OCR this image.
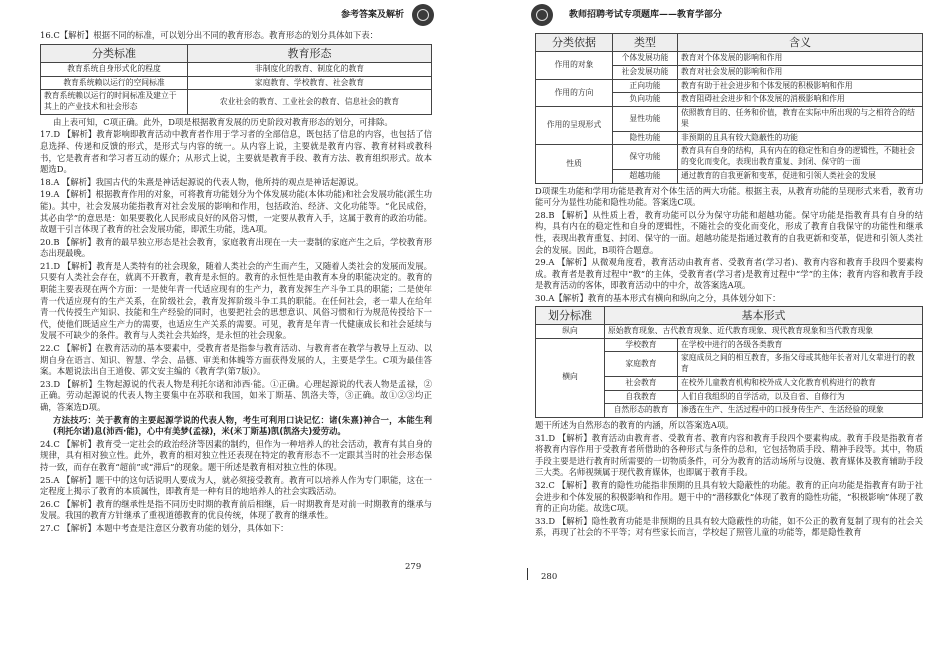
参考答案及解析

16.C【解析】根据不同的标准，可以划分出不同的教育形态。教育形态的划分具体如下表：

分类标准	教育形态
教育系统自身形式化的程度	非制度化的教育、制度化的教育
教育系统赖以运行的空间标准	家庭教育、学校教育、社会教育
教育系统赖以运行的时间标准及建立于其上的产业技术和社会形态	农业社会的教育、工业社会的教育、信息社会的教育

由上表可知，C项正确。此外，D项是根据教育发展的历史阶段对教育形态的划分，可排除。

17.D 【解析】教育影响即教育活动中教育者作用于学习者的全部信息，既包括了信息的内容，也包括了信息选择、传递和反馈的形式，是形式与内容的统一。从内容上说，主要就是教育内容、教育材料或教科书，它是教育者和学习者互动的媒介；从形式上说，主要就是教育手段、教育方法、教育组织形式。故本题选D。

18.A 【解析】我国古代的朱熹是神话起源说的代表人物，他所持的观点是神话起源说。

19.A 【解析】根据教育作用的对象，可将教育功能划分为个体发展功能(本体功能)和社会发展功能(派生功能)。其中，社会发展功能指教育对社会发展的影响和作用，包括政治、经济、文化功能等。“化民成俗，其必由学”的意思是：如果要教化人民形成良好的风俗习惯，一定要从教育入手，这属于教育的政治功能。故题干引言体现了教育的社会发展功能，即派生功能，选A项。

20.B 【解析】教育的最早独立形态是社会教育，家庭教育出现在一夫一妻制的家庭产生之后，学校教育形态出现最晚。

21.D 【解析】教育是人类特有的社会现象，随着人类社会的产生而产生，又随着人类社会的发展而发展。只要有人类社会存在，就离不开教育，教育是永恒的。教育的永恒性是由教育本身的职能决定的。教育的职能主要表现在两个方面：一是使年青一代适应现有的生产力，教育发挥生产斗争工具的职能；二是使年青一代适应现有的生产关系，在阶级社会，教育发挥阶级斗争工具的职能。在任何社会，老一辈人在给年青一代传授生产知识、技能和生产经验的同时，也要把社会的思想意识、风俗习惯和行为规范传授给下一代，使他们既适应生产力的需要，也适应生产关系的需要。可见，教育是年青一代健康成长和社会延续与发展不可缺少的条件。教育与人类社会共始终，是永恒的社会现象。

22.C 【解析】在教育活动的基本要素中，受教育者是指参与教育活动、与教育者在教学与教导上互动、以期自身在语言、知识、智慧、学会、品德、审美和体魄等方面获得发展的人，主要是学生。C项为最佳答案。本题说法出自王道俊、郭文安主编的《教育学(第7版)》。

23.D 【解析】生物起源说的代表人物是利托尔诺和沛西·能。①正确。心理起源说的代表人物是孟禄，②正确。劳动起源说的代表人物主要集中在苏联和我国，如米丁斯基、凯洛夫等，③正确。故①②③均正确，答案选D项。

方法技巧：关于教育的主要起源学说的代表人物，考生可利用口诀记忆：诸(朱熹)神合一，本能生利(利托尔诺)息(沛西·能)，心中有美梦(孟禄)，米(米丁斯基)凯(凯洛夫)爱劳动。

24.C 【解析】教育受一定社会的政治经济等因素的制约，但作为一种培养人的社会活动，教育有其自身的规律，具有相对独立性。此外，教育的相对独立性还表现在特定的教育形态不一定跟其当时的社会形态保持一致，而存在教育“超前”或“滞后”的现象。题干所述是教育相对独立性的体现。

25.A 【解析】题干中的这句话说明人要成为人，就必须接受教育。教育可以培养人作为专门职能，这在一定程度上揭示了教育的本质属性，即教育是一种有目的地培养人的社会实践活动。

26.C 【解析】教育的继承性是指不同历史时期的教育前后相继，后一时期教育是对前一时期教育的继承与发展。我国的教育方针继承了重视道德教育的优良传统，体现了教育的继承性。

27.C 【解析】本题中考查是注意区分教育功能的划分，具体如下：

279
教师招聘考试专项题库——教育学部分
分类依据	类型	含义
作用的对象	个体发展功能	教育对个体发展的影响和作用
	社会发展功能	教育对社会发展的影响和作用
作用的方向	正向功能	教育有助于社会进步和个体发展的积极影响和作用
	负向功能	教育阻碍社会进步和个体发展的消极影响和作用
作用的呈现形式	显性功能	依照教育目的、任务和价值，教育在实际中所出现的与之相符合的结果
	隐性功能	非预期的且具有较大隐蔽性的功能
性质	保守功能	教育具有自身的结构，具有内在的稳定性和自身的逻辑性，不随社会的变化而变化，表现出教育重复、封闭、保守的一面
	超越功能	通过教育的自我更新和变革，促进和引领人类社会的发展

D项课生功能和学用功能是教育对个体生活的两大功能。根据主表，从教育功能的呈现形式来看，教育功能可分为显性功能和隐性功能。答案选C项。

28.B 【解析】从性质上看，教育功能可以分为保守功能和超越功能。保守功能是指教育具有自身的结构，具有内在的稳定性和自身的逻辑性，不随社会的变化而变化，形成了教育自我保守的功能性和继承性，表现出教育重复、封闭、保守的一面。超越功能是指通过教育的自我更新和变革，促进和引领人类社会的发展。因此，B项符合题意。

29.A 【解析】从微观角度看，教育活动由教育者、受教育者(学习者)、教育内容和教育手段四个要素构成。教育者是教育过程中“教”的主体，受教育者(学习者)是教育过程中“学”的主体；教育内容和教育手段是教育活动的客体，即教育活动中的中介，故答案选A项。

30.A【解析】教育的基本形式有横向和纵向之分，具体划分如下：

划分标准	基本形式	
纵向	原始教育现象、古代教育现象、近代教育现象、现代教育现象和当代教育现象	
横向	学校教育	在学校中进行的各级各类教育
	家庭教育	家庭成员之间的相互教育，多指父母或其他年长者对儿女辈进行的教育
	社会教育	在校外儿童教育机构和校外成人文化教育机构进行的教育
	自我教育	人们自我组织的自学活动，以及自省、自修行为
	自然形态的教育	渗透在生产、生活过程中的口授身传生产、生活经验的现象

题干所述为自然形态的教育的内涵，所以答案选A项。

31.D 【解析】教育活动由教育者、受教育者、教育内容和教育手段四个要素构成。教育手段是指教育者将教育内容作用于受教育者所借助的各种形式与条件的总和，它包括物质手段、精神手段等。其中，物质手段主要是进行教育时所需要的一切物质条件，可分为教育的活动场所与设施、教育媒体及教育辅助手段三大类。名师视频属于现代教育媒体，也即属于教育手段。

32.C 【解析】教育的隐性功能指非预期的且具有较大隐蔽性的功能。教育的正向功能是指教育有助于社会进步和个体发展的积极影响和作用。题干中的“潜移默化”体现了教育的隐性功能，“积极影响”体现了教育的正向功能。故选C项。

33.D 【解析】隐性教育功能是非预期的且具有较大隐蔽性的功能，如不公正的教育复制了现有的社会关系，再现了社会的不平等；对有些家长而言，学校起了照管儿童的功能等，都是隐性教育

280
